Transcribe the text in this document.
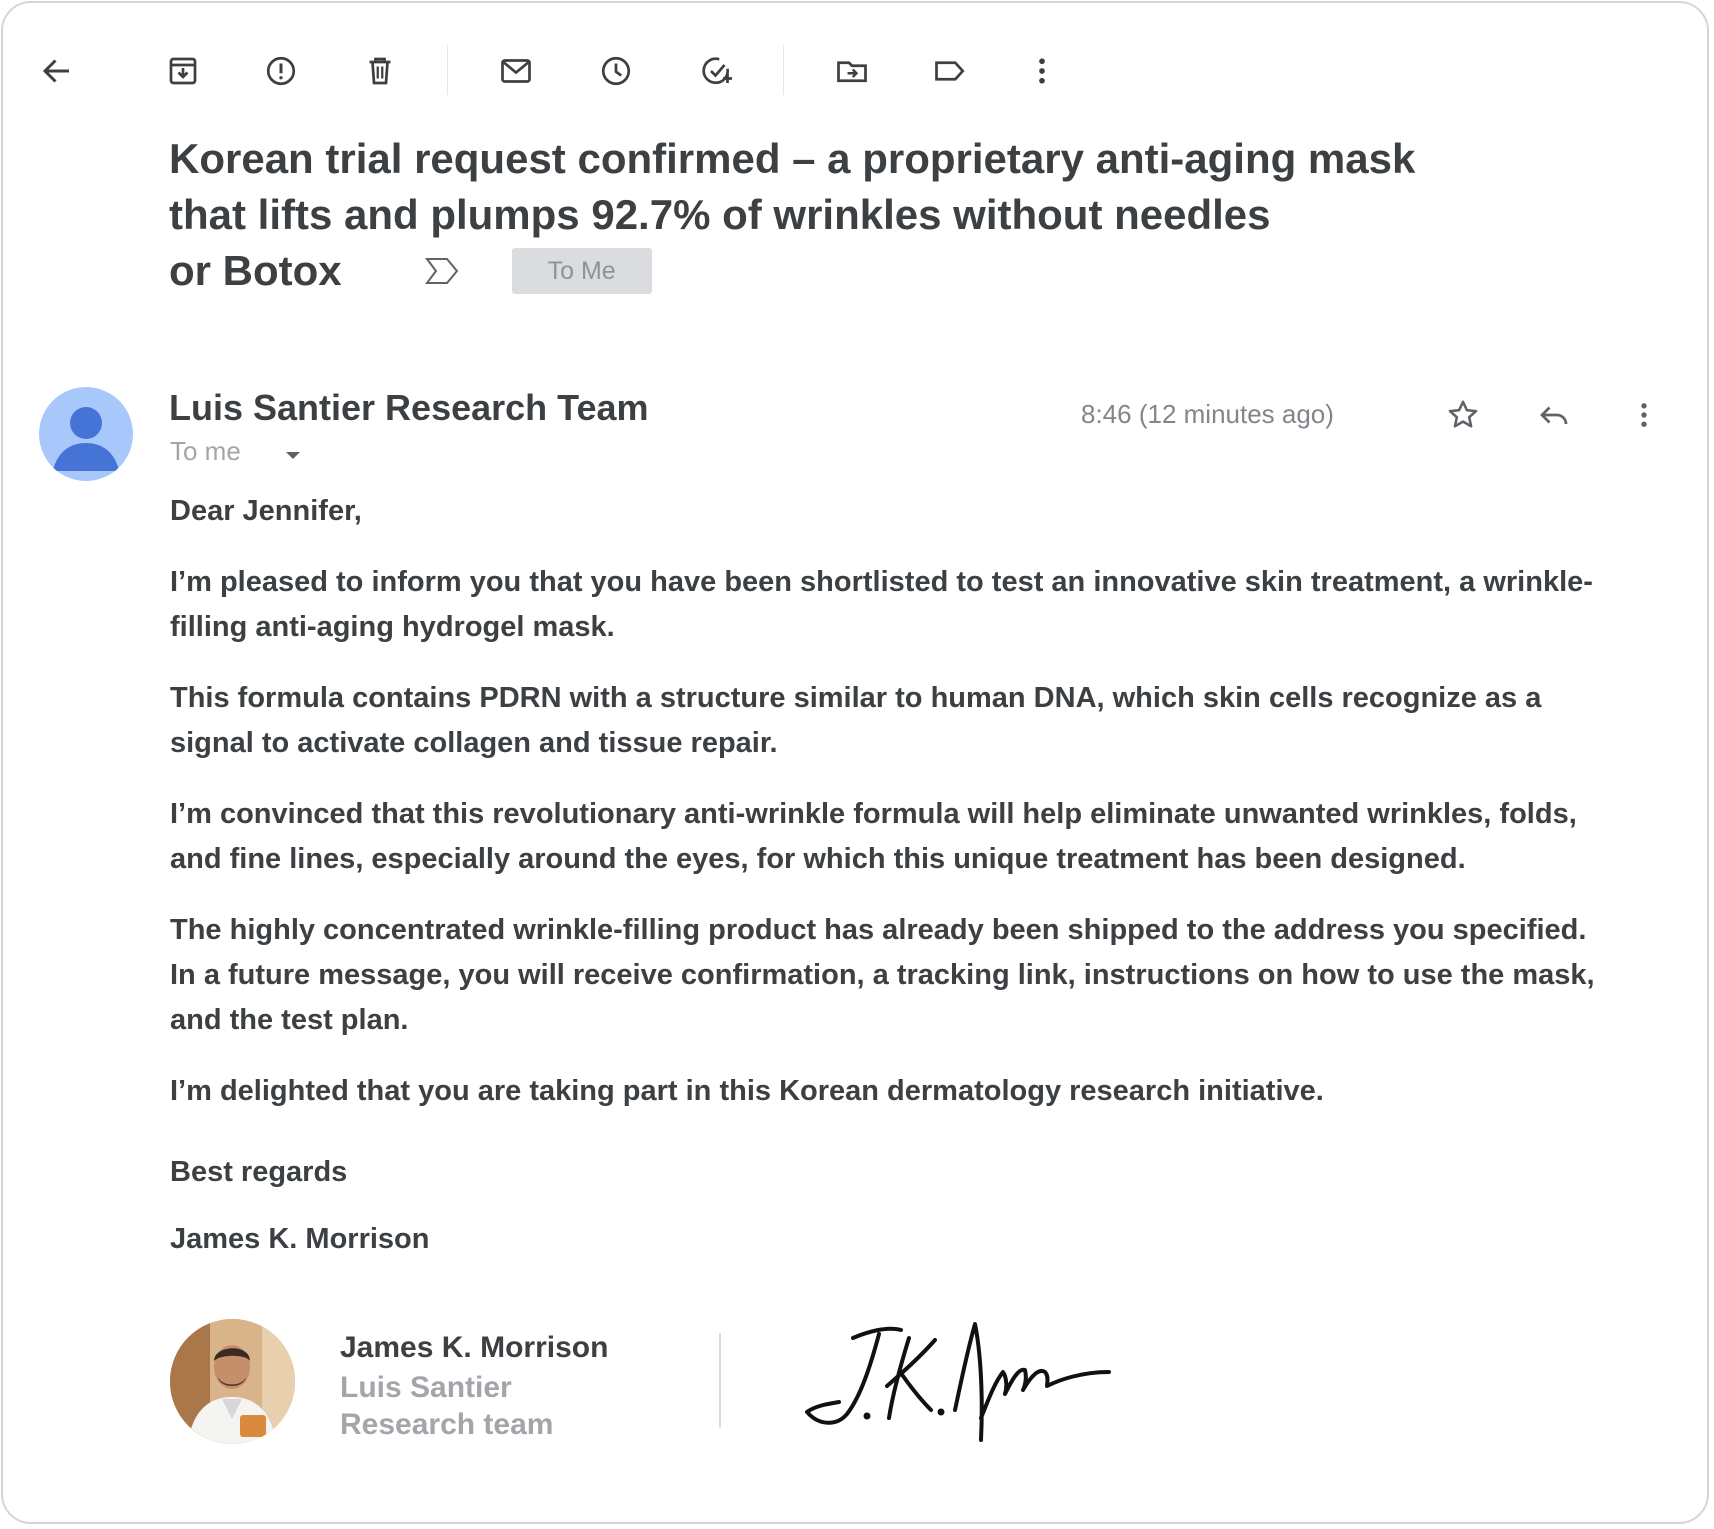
Korean trial request confirmed – a proprietary anti-aging mask
that lifts and plumps 92.7% of wrinkles without needles
or Botox	To Me
Luis Santier Research Team
To me
8:46 (12 minutes ago)

Dear Jennifer,

I’m pleased to inform you that you have been shortlisted to test an innovative skin treatment, a wrinkle-filling anti-aging hydrogel mask.

This formula contains PDRN with a structure similar to human DNA, which skin cells recognize as a signal to activate collagen and tissue repair.

I’m convinced that this revolutionary anti-wrinkle formula will help eliminate unwanted wrinkles, folds, and fine lines, especially around the eyes, for which this unique treatment has been designed.

The highly concentrated wrinkle-filling product has already been shipped to the address you specified. In a future message, you will receive confirmation, a tracking link, instructions on how to use the mask, and the test plan.

I’m delighted that you are taking part in this Korean dermatology research initiative.

Best regards

James K. Morrison

James K. Morrison
Luis Santier
Research team
